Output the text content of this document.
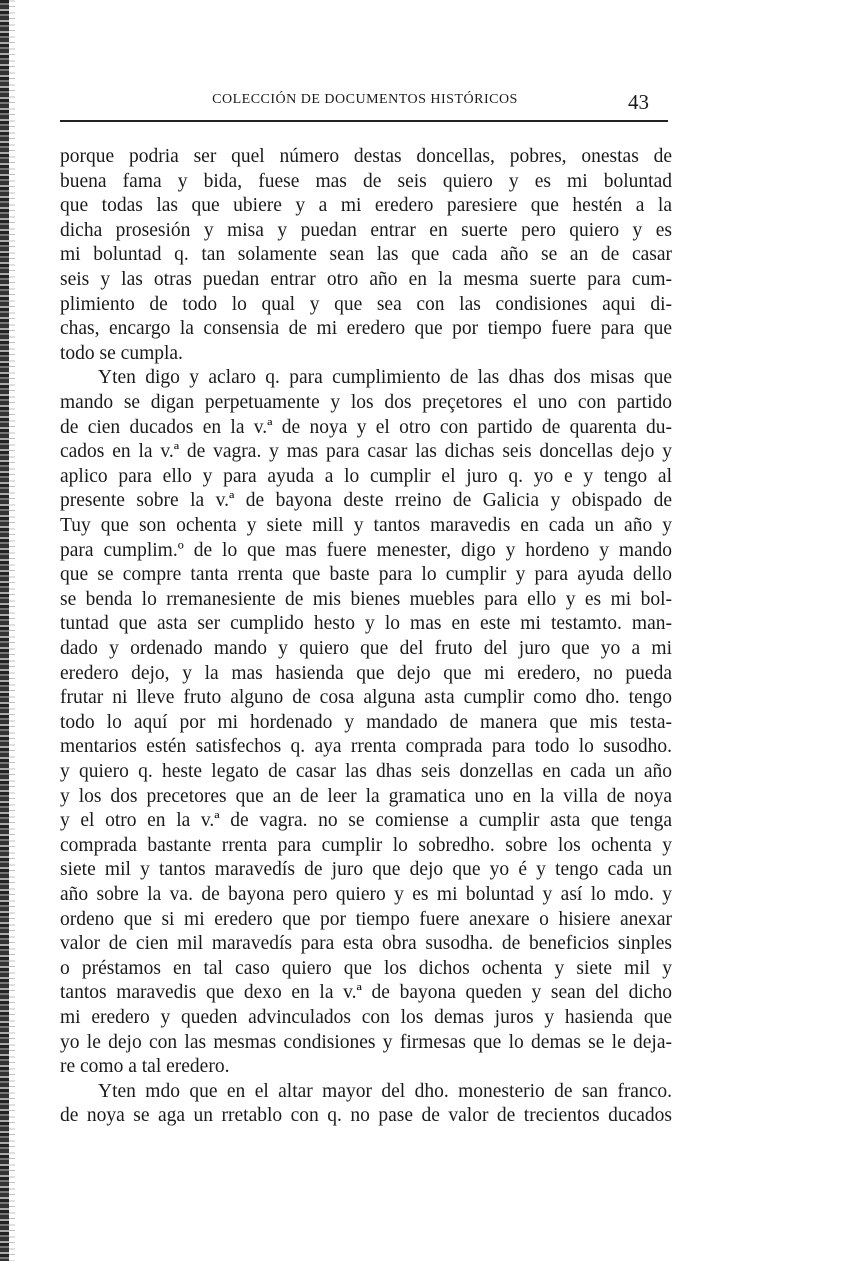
COLECCIÓN DE DOCUMENTOS HISTÓRICOS	43
porque podria ser quel número destas doncellas, pobres, onestas de
buena fama y bida, fuese mas de seis quiero y es mi boluntad
que todas las que ubiere y a mi eredero paresiere que hestén a la
dicha prosesión y misa y puedan entrar en suerte pero quiero y es
mi boluntad q. tan solamente sean las que cada año se an de casar
seis y las otras puedan entrar otro año en la mesma suerte para cum-
plimiento de todo lo qual y que sea con las condisiones aqui di-
chas, encargo la consensia de mi eredero que por tiempo fuere para que
todo se cumpla.
Yten digo y aclaro q. para cumplimiento de las dhas dos misas que
mando se digan perpetuamente y los dos preçetores el uno con partido
de cien ducados en la v.ª de noya y el otro con partido de quarenta du-
cados en la v.ª de vagra. y mas para casar las dichas seis doncellas dejo y
aplico para ello y para ayuda a lo cumplir el juro q. yo e y tengo al
presente sobre la v.ª de bayona deste rreino de Galicia y obispado de
Tuy que son ochenta y siete mill y tantos maravedis en cada un año y
para cumplim.º de lo que mas fuere menester, digo y hordeno y mando
que se compre tanta rrenta que baste para lo cumplir y para ayuda dello
se benda lo rremanesiente de mis bienes muebles para ello y es mi bol-
tuntad que asta ser cumplido hesto y lo mas en este mi testamto. man-
dado y ordenado mando y quiero que del fruto del juro que yo a mi
eredero dejo, y la mas hasienda que dejo que mi eredero, no pueda
frutar ni lleve fruto alguno de cosa alguna asta cumplir como dho. tengo
todo lo aquí por mi hordenado y mandado de manera que mis testa-
mentarios estén satisfechos q. aya rrenta comprada para todo lo susodho.
y quiero q. heste legato de casar las dhas seis donzellas en cada un año
y los dos precetores que an de leer la gramatica uno en la villa de noya
y el otro en la v.ª de vagra. no se comiense a cumplir asta que tenga
comprada bastante rrenta para cumplir lo sobredho. sobre los ochenta y
siete mil y tantos maravedís de juro que dejo que yo é y tengo cada un
año sobre la va. de bayona pero quiero y es mi boluntad y así lo mdo. y
ordeno que si mi eredero que por tiempo fuere anexare o hisiere anexar
valor de cien mil maravedís para esta obra susodha. de beneficios sinples
o préstamos en tal caso quiero que los dichos ochenta y siete mil y
tantos maravedis que dexo en la v.ª de bayona queden y sean del dicho
mi eredero y queden advinculados con los demas juros y hasienda que
yo le dejo con las mesmas condisiones y firmesas que lo demas se le deja-
re como a tal eredero.
Yten mdo que en el altar mayor del dho. monesterio de san franco.
de noya se aga un rretablo con q. no pase de valor de trecientos ducados
